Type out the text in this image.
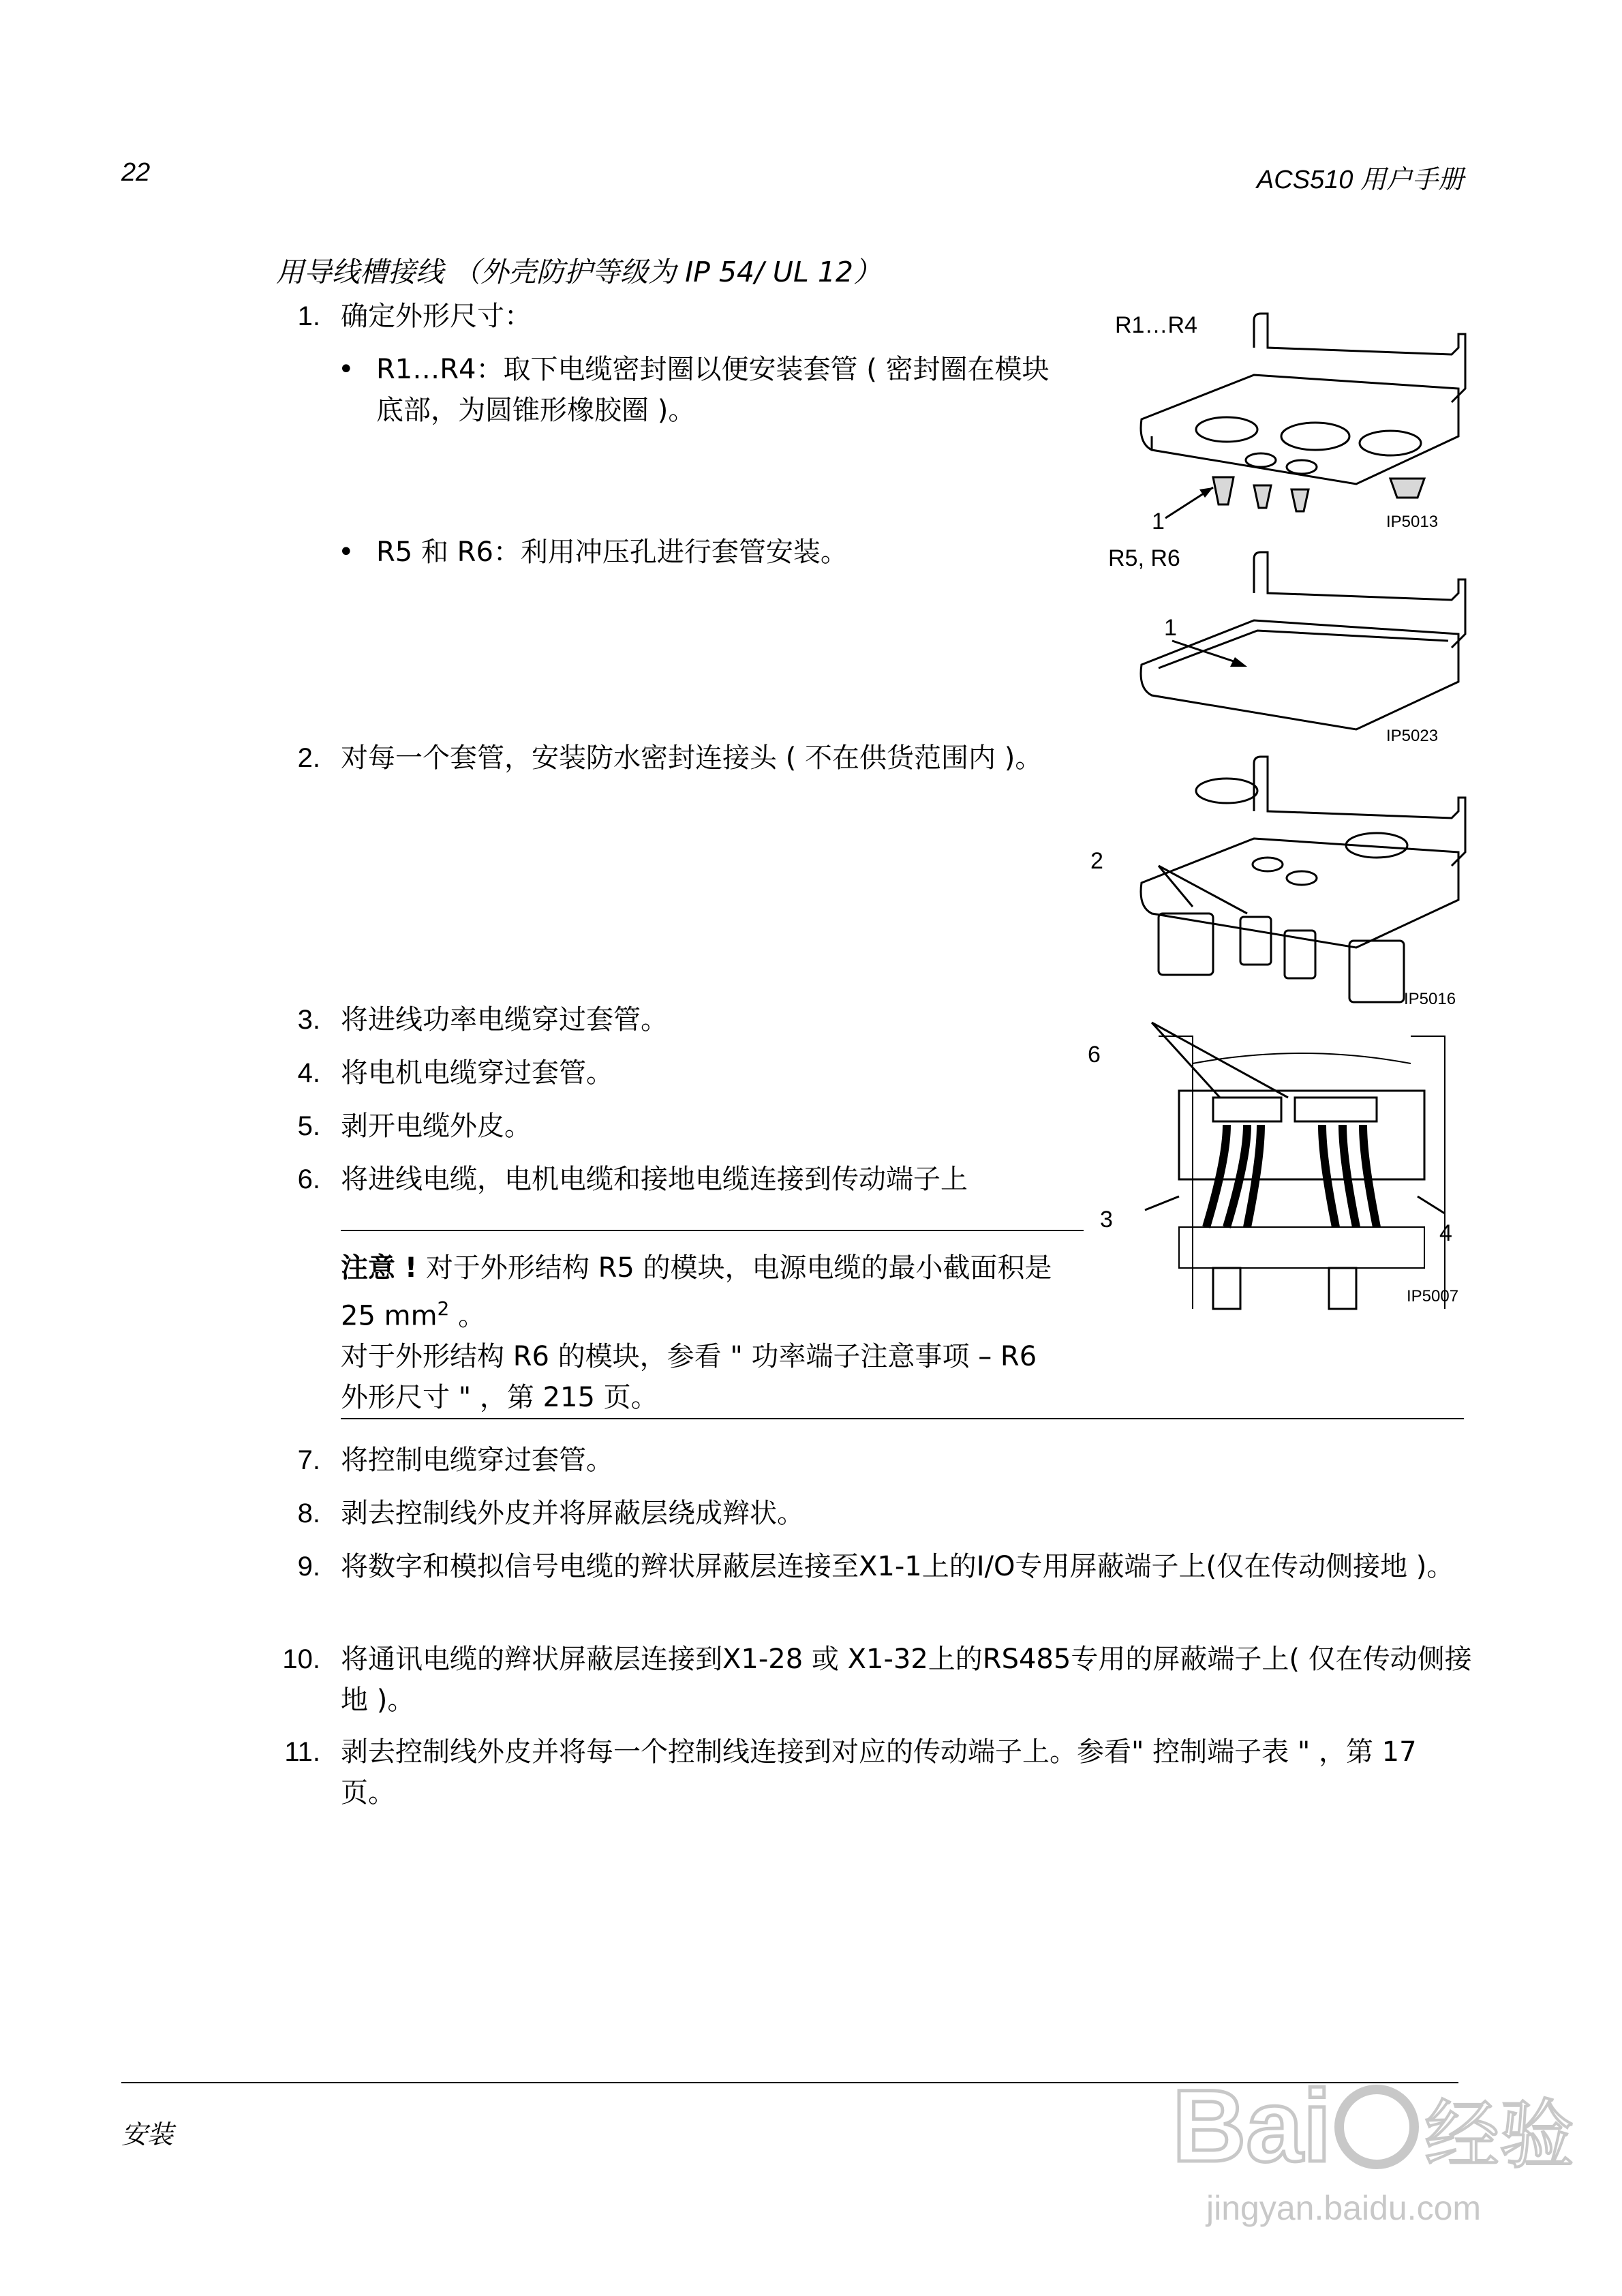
22	ACS510 用户手册
用导线槽接线 （外壳防护等级为 IP 54/ UL 12）
1. 确定外形尺寸：
• R1…R4：取下电缆密封圈以便安装套管 ( 密封圈在模块底部，为圆锥形橡胶圈 )。
• R5 和 R6：利用冲压孔进行套管安装。
2. 对每一个套管，安装防水密封连接头 ( 不在供货范围内 )。
3. 将进线功率电缆穿过套管。
4. 将电机电缆穿过套管。
5. 剥开电缆外皮。
6. 将进线电缆，电机电缆和接地电缆连接到传动端子上
注意 ! 对于外形结构 R5 的模块，电源电缆的最小截面积是 25 $mm^2$ 。
对于外形结构 R6 的模块，参看 " 功率端子注意事项 – R6 外形尺寸 " ，第 215 页。
7. 将控制电缆穿过套管。
8. 剥去控制线外皮并将屏蔽层绕成辫状。
9. 将数字和模拟信号电缆的辫状屏蔽层连接至X1-1上的I/O专用屏蔽端子上(仅在传动侧接地 )。
10. 将通讯电缆的辫状屏蔽层连接到X1-28 或 X1-32上的RS485专用的屏蔽端子上( 仅在传动侧接地 )。
11. 剥去控制线外皮并将每一个控制线连接到对应的传动端子上。参看" 控制端子表 " ，第 17 页。
R1…R4
1	IP5013
R5, R6
1
IP5023
2
IP5016
6
3
4
IP5007
安装	Bai 经验
jingyan.baidu.com
